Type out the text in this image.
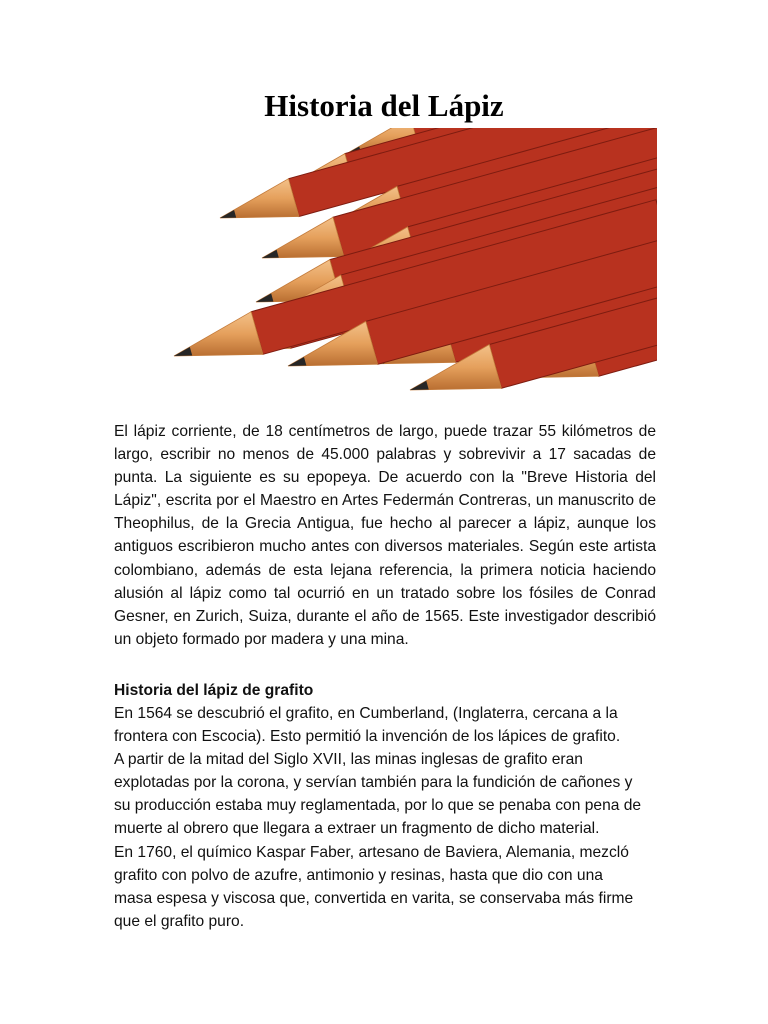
Historia del Lápiz

El lápiz corriente, de 18 centímetros de largo, puede trazar 55 kilómetros de largo, escribir no menos de 45.000 palabras y sobrevivir a 17 sacadas de punta. La siguiente es su epopeya. De acuerdo con la "Breve Historia del Lápiz", escrita por el Maestro en Artes Federmán Contreras, un manuscrito de Theophilus, de la Grecia Antigua, fue hecho al parecer a lápiz, aunque los antiguos escribieron mucho antes con diversos materiales. Según este artista colombiano, además de esta lejana referencia, la primera noticia haciendo alusión al lápiz como tal ocurrió en un tratado sobre los fósiles de Conrad Gesner, en Zurich, Suiza, durante el año de 1565. Este investigador describió un objeto formado por madera y una mina.

Historia del lápiz de grafito
En 1564 se descubrió el grafito, en Cumberland, (Inglaterra, cercana a la
frontera con Escocia). Esto permitió la invención de los lápices de grafito.
A partir de la mitad del Siglo XVII, las minas inglesas de grafito eran
explotadas por la corona, y servían también para la fundición de cañones y
su producción estaba muy reglamentada, por lo que se penaba con pena de
muerte al obrero que llegara a extraer un fragmento de dicho material.
En 1760, el químico Kaspar Faber, artesano de Baviera, Alemania, mezcló
grafito con polvo de azufre, antimonio y resinas, hasta que dio con una
masa espesa y viscosa que, convertida en varita, se conservaba más firme
que el grafito puro.
